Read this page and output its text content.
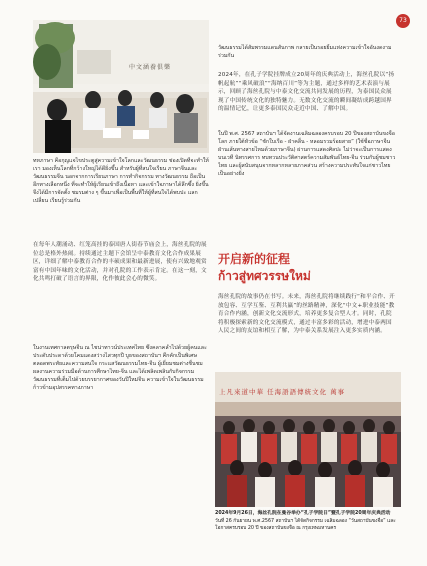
73
中文涵養俱樂

ทหภาษา คือกุญแจไขประตูสู่ความเข้าใจโลกและวัฒนธรรม ช่องเปิดที่จะทำให้เรา มองเห็นโลกที่กว้างใหญ่ได้ดียิ่งขึ้น สำหรับผู้ที่สนใจเรียน ภาษาจีนและวัฒนธรรมจีน นอกจากการเรียนภาษา การทำกิจกรรม ทางวัฒนธรรม ถือเป็นอีกทางเลือกหนึ่ง ที่จะทำให้ผู้เรียนเข้าถึงเนื้อหา และเข้าใจภาษาได้ลึกซึ้ง ยิ่งขึ้น จึงได้มีการจัดตั้ง ชมรมต่าง ๆ ขึ้นมาเพื่อเป็นพื้นที่ให้ผู้ที่สนใจได้พบปะ แลกเปลี่ยน เรียนรู้ร่วมกัน

在每年人潮涌动、红笼高挂的泰国唐人街春节庙会上，海丝孔院的展位总是格外热闹。持续通过主题下会馆呈中泰教育文化合作成果展区，详细了解中泰教育合作的丰硕成果和最新进展，使有兴致地观赏富有中国年味的文化活动，并对孔院的工作表示肯定。在这一刻，文化共鸣打破了语言的界限，化作彼此会心的微笑。

ในงานเทศกาลตรุษจีน ณ ไชน่าทาวน์ประเทศไทย ซึ่งคลาคล่ำไปด้วยผู้คนและประดับประดาด้วยโคมแดงสว่างไสวทุกปี บูธของสถาบันฯ คึกคักเป็นพิเศษ ตลอดพระทัยและความสนใจ กระแสวัฒนธรรมไทย-จีน ผู้เยี่ยมชมต่างชื่นชมผลงานความร่วมมือด้านการศึกษาไทย-จีน และได้เพลิดเพลินกับกิจกรรมวัฒนธรรมที่เต็มไปด้วยบรรยากาศของวันปีใหม่จีน ความเข้าใจในวัฒนธรรมก้าวข้ามอุปสรรคทางภาษา

วัฒนธรรมได้สัมพรรมแดนสันกาพ กลายเป็นรอยยิ้มแห่งความเข้าใจอันงดงามร่วมกัน

2024年，在孔子学院挂牌成立20周年的庆典活动上，海丝孔院以“扬帆起航”“乘风破浪”“海纳百川”等为主题，通过多样的艺术表演与展示，回顾了海丝孔院与中泰文化交流共同发展的历程，为泰国民众展现了中国传统文化的独特魅力。无数文化交流的瞬间凝结成跨越国界的温情记忆，让更多泰国民众走近中国、了解中国。

ในปี พ.ศ. 2567 สถาบันฯ ได้จัดงานเฉลิมฉลองครบรอบ 20 ปีของสถาบันขงจื่อโลก ภายใต้หัวข้อ “ชักใบเรือ - ฝ่าคลื่น - หลอมรวมร้อยสาย” (ใช้ชื่อภาษาจีน ฝ่านเส้นทางสายไหมด้วยภาษาจีน) ผ่านการแสดงศิลปะ ไม่ว่าจะเป็นการแสดงบนเวที นิทรรศการ ทบทวนประวัติศาสตร์ความสัมพันธ์ไทย-จีน ร่วมกับผู้ชมชาวไทย และผู้สนับสนุนจากหลากหลายภาคส่วน สร้างความประทับใจแก่ชาวไทยเป็นอย่างยิ่ง

开启新的征程
ก้าวสู่ทศวรรษใหม่

海丝孔院的故事仍在书写。未来，海丝孔院将继续践行“和平合作、开放包容、互学互鉴、互利共赢”的丝路精神，深化“中文+职业技能”教育合作内涵，创新文化交流形式，培养更多复合型人才。同时，孔院将积极探索新的文化交流模式，通过丰富多彩的活动，增进中泰两国人民之间的友谊和相互了解，为中泰关系发展注入更多实质内涵。

上凡來道中華 任海語語傳統文化 萬事

2024年9月26日，海丝孔院在曼谷举办“孔子学院日”暨孔子学院20周年庆典活动

วันที่ 26 กันยายน พ.ศ.2567 สถาบันฯ ได้จัดกิจกรรม เฉลิมฉลอง “วันสถาบันขงจื่อ” และโอกาสครบรอบ 20 ปี ของสถาบันขงจื่อ ณ กรุงเทพมหานคร
